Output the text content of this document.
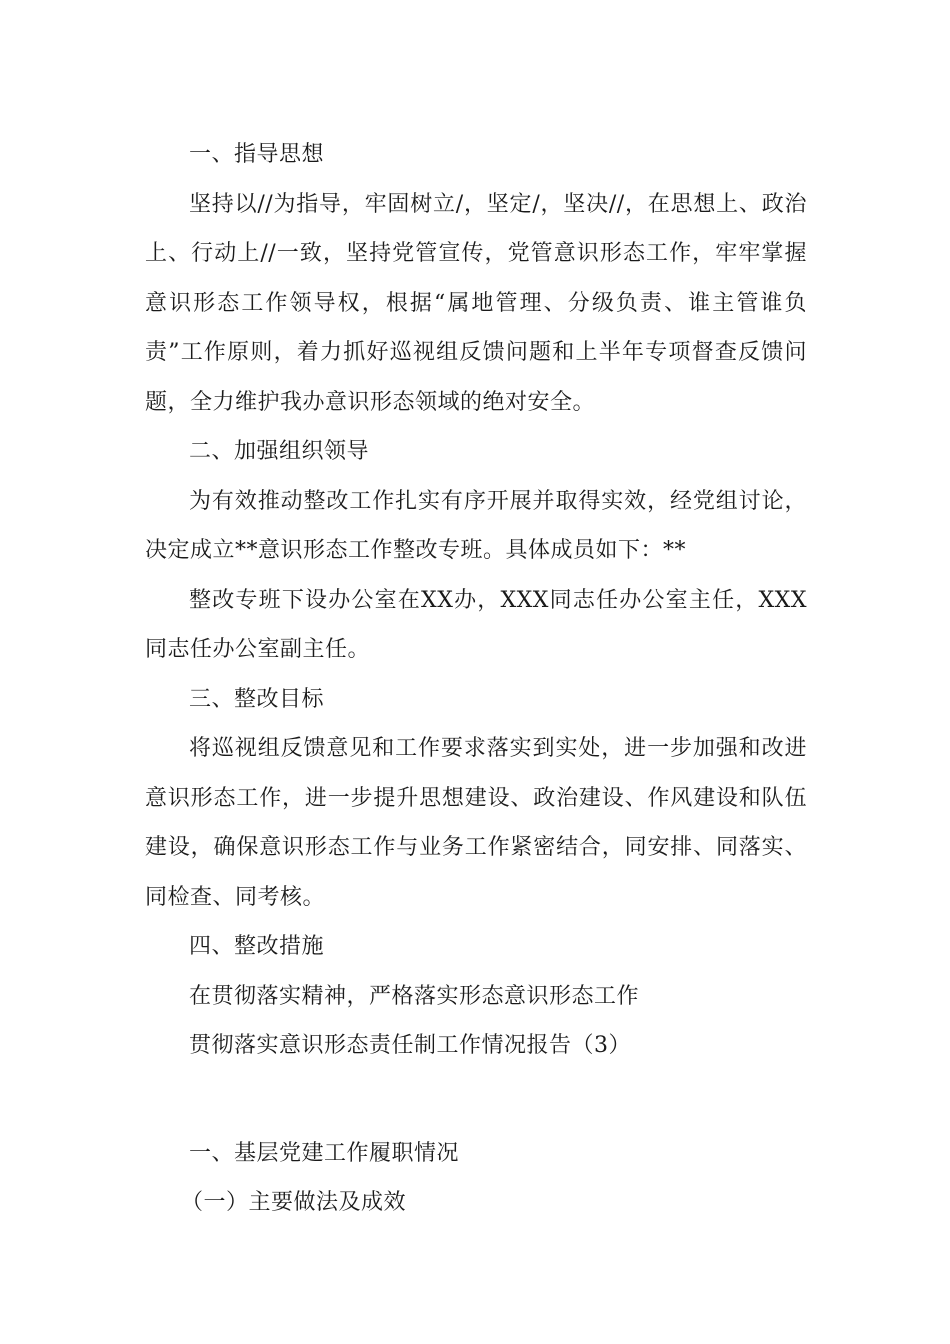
一、指导思想

坚持以//为指导，牢固树立/，坚定/，坚决//，在思想上、政治上、行动上//一致，坚持党管宣传，党管意识形态工作，牢牢掌握意识形态工作领导权，根据“属地管理、分级负责、谁主管谁负责”工作原则，着力抓好巡视组反馈问题和上半年专项督查反馈问题，全力维护我办意识形态领域的绝对安全。

二、加强组织领导

为有效推动整改工作扎实有序开展并取得实效，经党组讨论，决定成立**意识形态工作整改专班。具体成员如下：**

整改专班下设办公室在XX办，XXX同志任办公室主任，XXX同志任办公室副主任。

三、整改目标

将巡视组反馈意见和工作要求落实到实处，进一步加强和改进意识形态工作，进一步提升思想建设、政治建设、作风建设和队伍建设，确保意识形态工作与业务工作紧密结合，同安排、同落实、同检查、同考核。

四、整改措施

在贯彻落实精神，严格落实形态意识形态工作

贯彻落实意识形态责任制工作情况报告（3）

一、基层党建工作履职情况

（一）主要做法及成效
